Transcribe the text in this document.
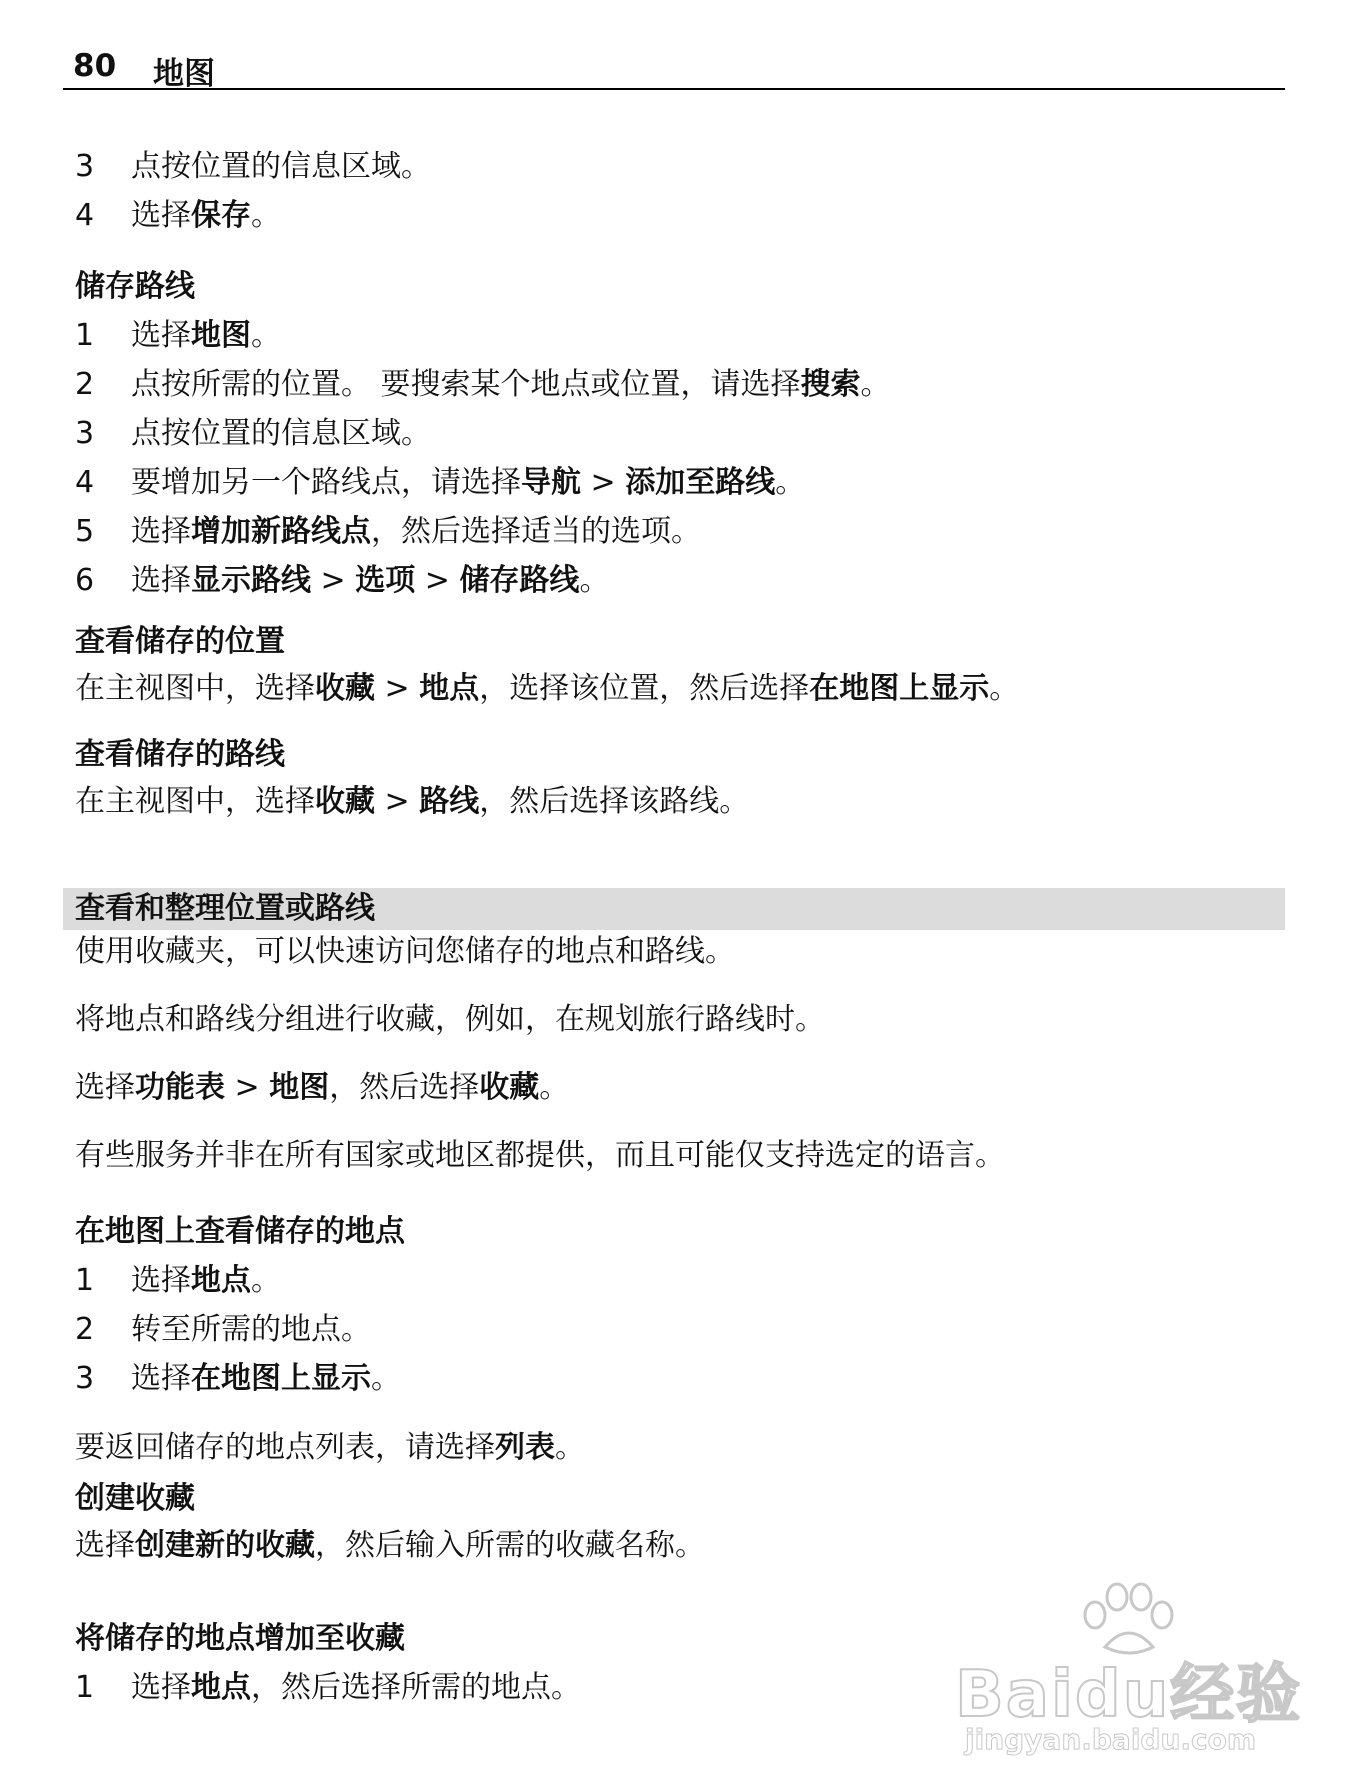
80 地图
3 点按位置的信息区域。
4 选择保存。
储存路线
1 选择地图。
2 点按所需的位置。 要搜索某个地点或位置，请选择搜索。
3 点按位置的信息区域。
4 要增加另一个路线点，请选择导航 > 添加至路线。
5 选择增加新路线点，然后选择适当的选项。
6 选择显示路线 > 选项 > 储存路线。
查看储存的位置
在主视图中，选择收藏 > 地点，选择该位置，然后选择在地图上显示。
查看储存的路线
在主视图中，选择收藏 > 路线，然后选择该路线。
查看和整理位置或路线
使用收藏夹，可以快速访问您储存的地点和路线。
将地点和路线分组进行收藏，例如，在规划旅行路线时。
选择功能表 > 地图，然后选择收藏。
有些服务并非在所有国家或地区都提供，而且可能仅支持选定的语言。
在地图上查看储存的地点
1 选择地点。
2 转至所需的地点。
3 选择在地图上显示。
要返回储存的地点列表，请选择列表。
创建收藏
选择创建新的收藏，然后输入所需的收藏名称。
将储存的地点增加至收藏
1 选择地点，然后选择所需的地点。	Baidu经验
jingyan.baidu.com
